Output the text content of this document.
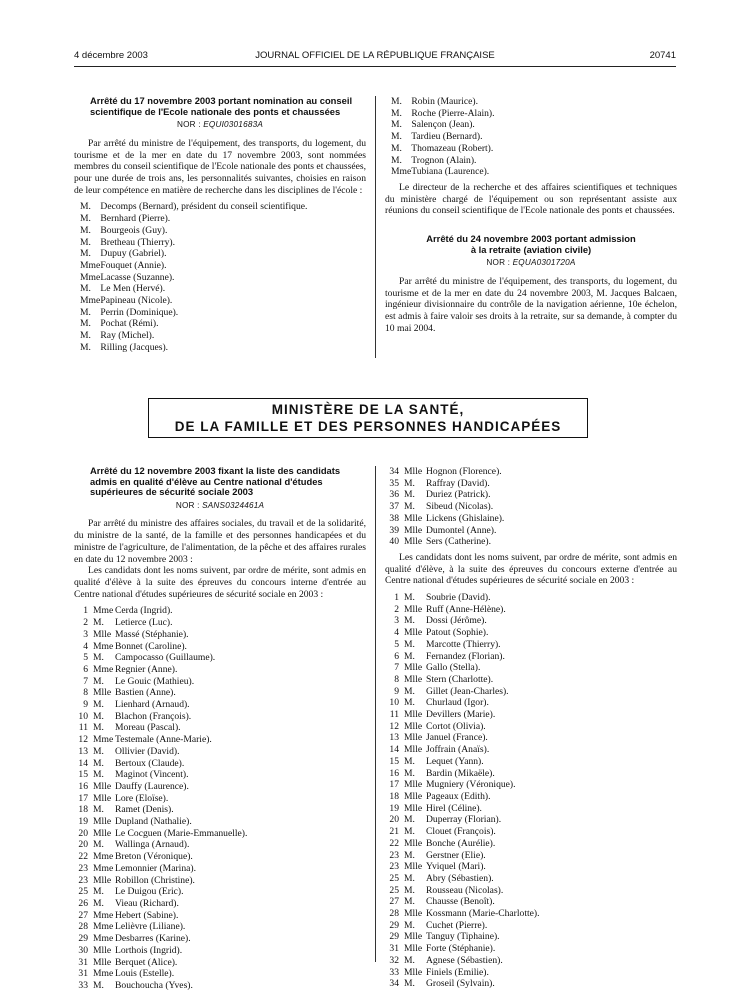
4 décembre 2003	JOURNAL OFFICIEL DE LA RÉPUBLIQUE FRANÇAISE	20741
Arrêté du 17 novembre 2003 portant nomination au conseil scientifique de l'Ecole nationale des ponts et chaussées
NOR : EQUI0301683A

Par arrêté du ministre de l'équipement, des transports, du logement, du tourisme et de la mer en date du 17 novembre 2003, sont nommées membres du conseil scientifique de l'Ecole nationale des ponts et chaussées, pour une durée de trois ans, les personnalités suivantes, choisies en raison de leur compétence en matière de recherche dans les disciplines de l'école :

M. Decomps (Bernard), président du conseil scientifique.
M. Bernhard (Pierre).
M. Bourgeois (Guy).
M. Bretheau (Thierry).
M. Dupuy (Gabriel).
Mme Fouquet (Annie).
Mme Lacasse (Suzanne).
M. Le Men (Hervé).
Mme Papineau (Nicole).
M. Perrin (Dominique).
M. Pochat (Rémi).
M. Ray (Michel).
M. Rilling (Jacques).
M. Robin (Maurice).
M. Roche (Pierre-Alain).
M. Salençon (Jean).
M. Tardieu (Bernard).
M. Thomazeau (Robert).
M. Trognon (Alain).
Mme Tubiana (Laurence).

Le directeur de la recherche et des affaires scientifiques et techniques du ministère chargé de l'équipement ou son représentant assiste aux réunions du conseil scientifique de l'Ecole nationale des ponts et chaussées.

Arrêté du 24 novembre 2003 portant admission
à la retraite (aviation civile)
NOR : EQUA0301720A

Par arrêté du ministre de l'équipement, des transports, du logement, du tourisme et de la mer en date du 24 novembre 2003, M. Jacques Balcaen, ingénieur divisionnaire du contrôle de la navigation aérienne, 10e échelon, est admis à faire valoir ses droits à la retraite, sur sa demande, à compter du 10 mai 2004.

MINISTÈRE DE LA SANTÉ,
DE LA FAMILLE ET DES PERSONNES HANDICAPÉES
Arrêté du 12 novembre 2003 fixant la liste des candidats admis en qualité d'élève au Centre national d'études supérieures de sécurité sociale 2003
NOR : SANS0324461A

Par arrêté du ministre des affaires sociales, du travail et de la solidarité, du ministre de la santé, de la famille et des personnes handicapées et du ministre de l'agriculture, de l'alimentation, de la pêche et des affaires rurales en date du 12 novembre 2003 :

Les candidats dont les noms suivent, par ordre de mérite, sont admis en qualité d'élève à la suite des épreuves du concours interne d'entrée au Centre national d'études supérieures de sécurité sociale en 2003 :

1 Mme Cerda (Ingrid).
2 M. Letierce (Luc).
3 Mlle Massé (Stéphanie).
4 Mme Bonnet (Caroline).
5 M. Campocasso (Guillaume).
6 Mme Regnier (Anne).
7 M. Le Gouic (Mathieu).
8 Mlle Bastien (Anne).
9 M. Lienhard (Arnaud).
10 M. Blachon (François).
11 M. Moreau (Pascal).
12 Mme Testemale (Anne-Marie).
13 M. Ollivier (David).
14 M. Bertoux (Claude).
15 M. Maginot (Vincent).
16 Mlle Dauffy (Laurence).
17 Mlle Lore (Eloïse).
18 M. Ramet (Denis).
19 Mlle Dupland (Nathalie).
20 Mlle Le Cocguen (Marie-Emmanuelle).
20 M. Wallinga (Arnaud).
22 Mme Breton (Véronique).
23 Mme Lemonnier (Marina).
23 Mlle Robillon (Christine).
25 M. Le Duigou (Eric).
26 M. Vieau (Richard).
27 Mme Hebert (Sabine).
28 Mme Lelièvre (Liliane).
29 Mme Desbarres (Karine).
30 Mlle Lorthois (Ingrid).
31 Mlle Berquet (Alice).
31 Mme Louis (Estelle).
33 M. Bouchoucha (Yves).
34 Mlle Hognon (Florence).
35 M. Raffray (David).
36 M. Duriez (Patrick).
37 M. Sibeud (Nicolas).
38 Mlle Lickens (Ghislaine).
39 Mlle Dumontel (Anne).
40 Mlle Sers (Catherine).

Les candidats dont les noms suivent, par ordre de mérite, sont admis en qualité d'élève, à la suite des épreuves du concours externe d'entrée au Centre national d'études supérieures de sécurité sociale en 2003 :

1 M. Soubrie (David).
2 Mlle Ruff (Anne-Hélène).
3 M. Dossi (Jérôme).
4 Mlle Patout (Sophie).
5 M. Marcotte (Thierry).
6 M. Fernandez (Florian).
7 Mlle Gallo (Stella).
8 Mlle Stern (Charlotte).
9 M. Gillet (Jean-Charles).
10 M. Churlaud (Igor).
11 Mlle Devillers (Marie).
12 Mlle Cortot (Olivia).
13 Mlle Januel (France).
14 Mlle Joffrain (Anaïs).
15 M. Lequet (Yann).
16 M. Bardin (Mikaële).
17 Mlle Mugniery (Véronique).
18 Mlle Pageaux (Edith).
19 Mlle Hirel (Céline).
20 M. Duperray (Florian).
21 M. Clouet (François).
22 Mlle Bonche (Aurélie).
23 M. Gerstner (Elie).
23 Mlle Yviquel (Mari).
25 M. Abry (Sébastien).
25 M. Rousseau (Nicolas).
27 M. Chausse (Benoît).
28 Mlle Kossmann (Marie-Charlotte).
29 M. Cuchet (Pierre).
29 Mlle Tanguy (Tiphaine).
31 Mlle Forte (Stéphanie).
32 M. Agnese (Sébastien).
33 Mlle Finiels (Emilie).
34 M. Groseil (Sylvain).
